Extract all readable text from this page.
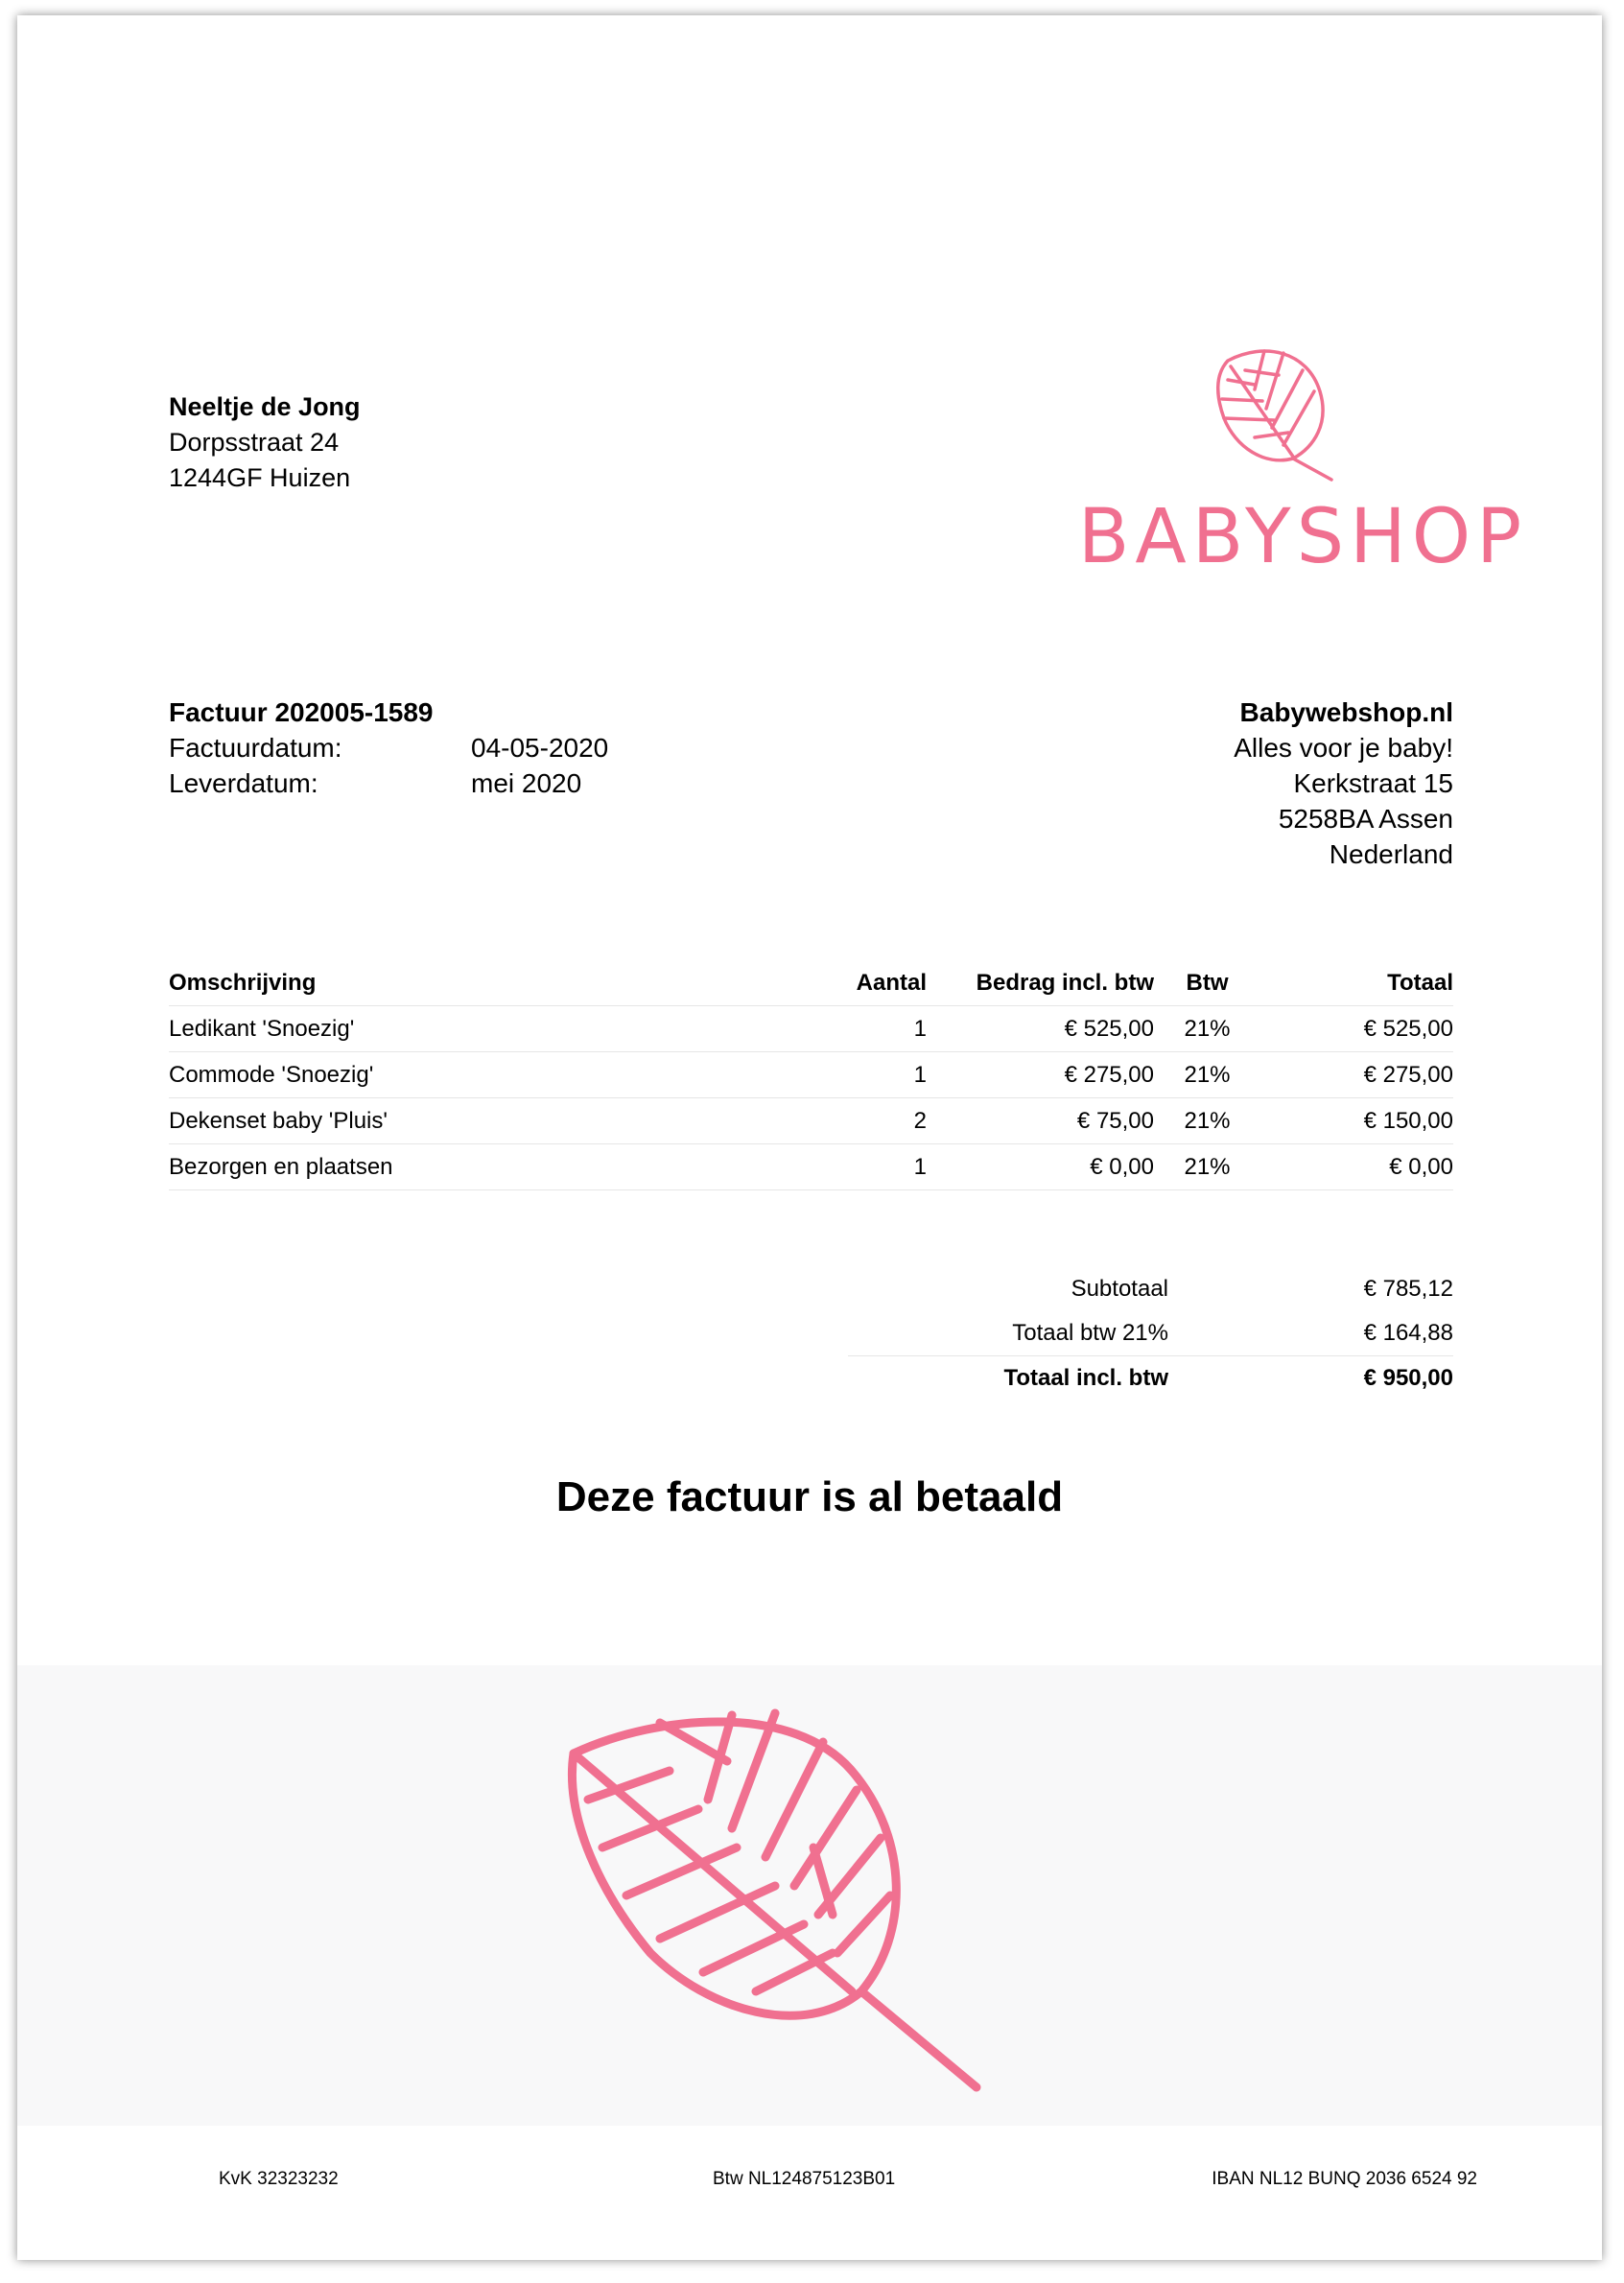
Neeltje de Jong
Dorpsstraat 24
1244GF Huizen
BABYSHOP
Factuur 202005-1589
Factuurdatum:	04-05-2020
Leverdatum:	mei 2020
Babywebshop.nl
Alles voor je baby!
Kerkstraat 15
5258BA Assen
Nederland
Omschrijving	Aantal	Bedrag incl. btw	Btw	Totaal
Ledikant 'Snoezig'	1	€ 525,00	21%	€ 525,00
Commode 'Snoezig'	1	€ 275,00	21%	€ 275,00
Dekenset baby 'Pluis'	2	€ 75,00	21%	€ 150,00
Bezorgen en plaatsen	1	€ 0,00	21%	€ 0,00
Subtotaal	€ 785,12
Totaal btw 21%	€ 164,88
Totaal incl. btw	€ 950,00
Deze factuur is al betaald
KvK 32323232	Btw NL124875123B01	IBAN NL12 BUNQ 2036 6524 92
